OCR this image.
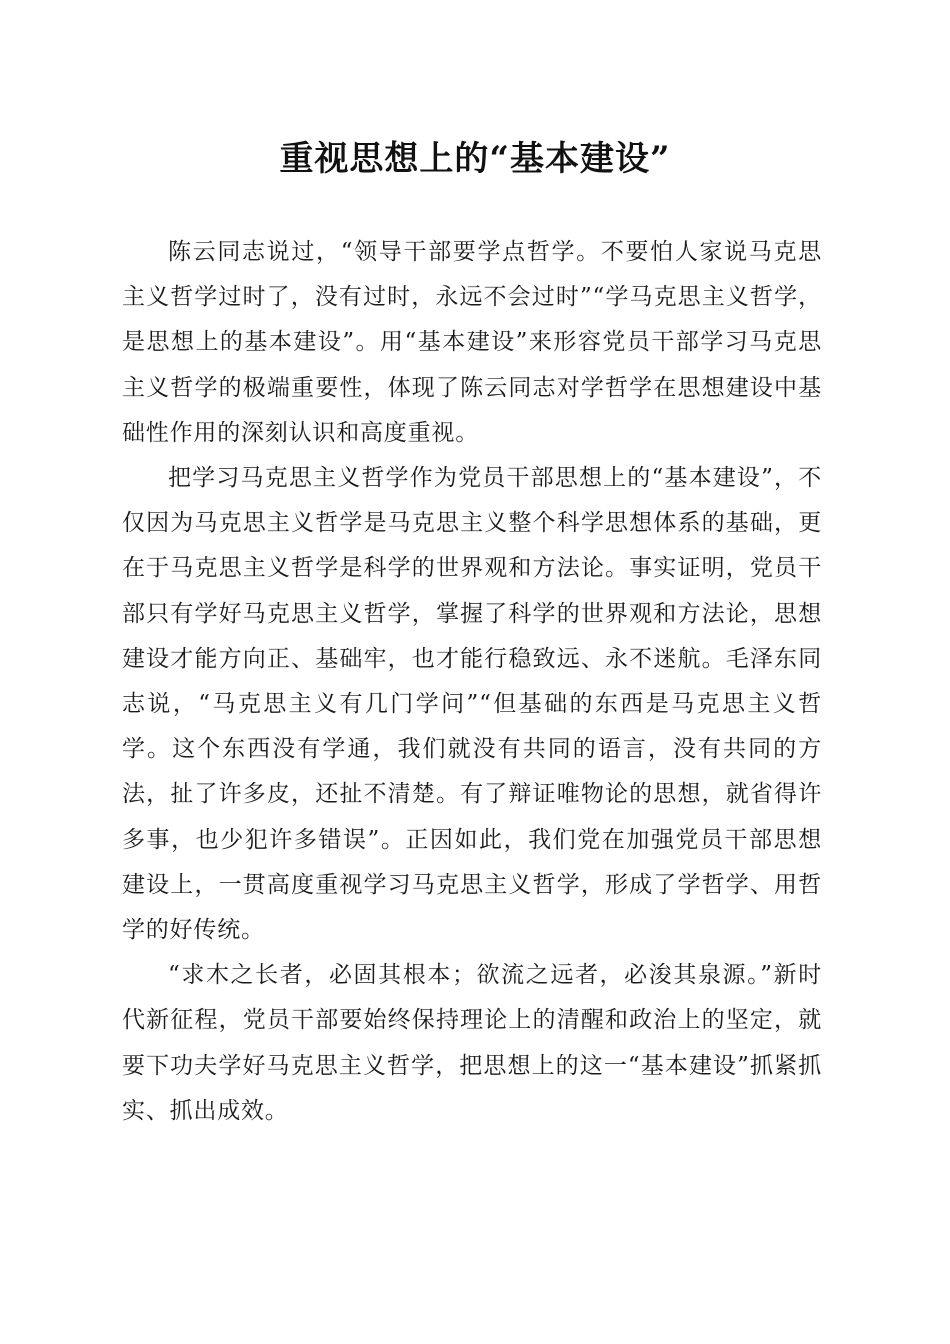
重视思想上的“基本建设”

陈云同志说过，“领导干部要学点哲学。不要怕人家说马克思主义哲学过时了，没有过时，永远不会过时”“学马克思主义哲学，是思想上的基本建设”。用“基本建设”来形容党员干部学习马克思主义哲学的极端重要性，体现了陈云同志对学哲学在思想建设中基础性作用的深刻认识和高度重视。

把学习马克思主义哲学作为党员干部思想上的“基本建设”，不仅因为马克思主义哲学是马克思主义整个科学思想体系的基础，更在于马克思主义哲学是科学的世界观和方法论。事实证明，党员干部只有学好马克思主义哲学，掌握了科学的世界观和方法论，思想建设才能方向正、基础牢，也才能行稳致远、永不迷航。毛泽东同志说，“马克思主义有几门学问”“但基础的东西是马克思主义哲学。这个东西没有学通，我们就没有共同的语言，没有共同的方法，扯了许多皮，还扯不清楚。有了辩证唯物论的思想，就省得许多事，也少犯许多错误”。正因如此，我们党在加强党员干部思想建设上，一贯高度重视学习马克思主义哲学，形成了学哲学、用哲学的好传统。

“求木之长者，必固其根本；欲流之远者，必浚其泉源。”新时代新征程，党员干部要始终保持理论上的清醒和政治上的坚定，就要下功夫学好马克思主义哲学，把思想上的这一“基本建设”抓紧抓实、抓出成效。
